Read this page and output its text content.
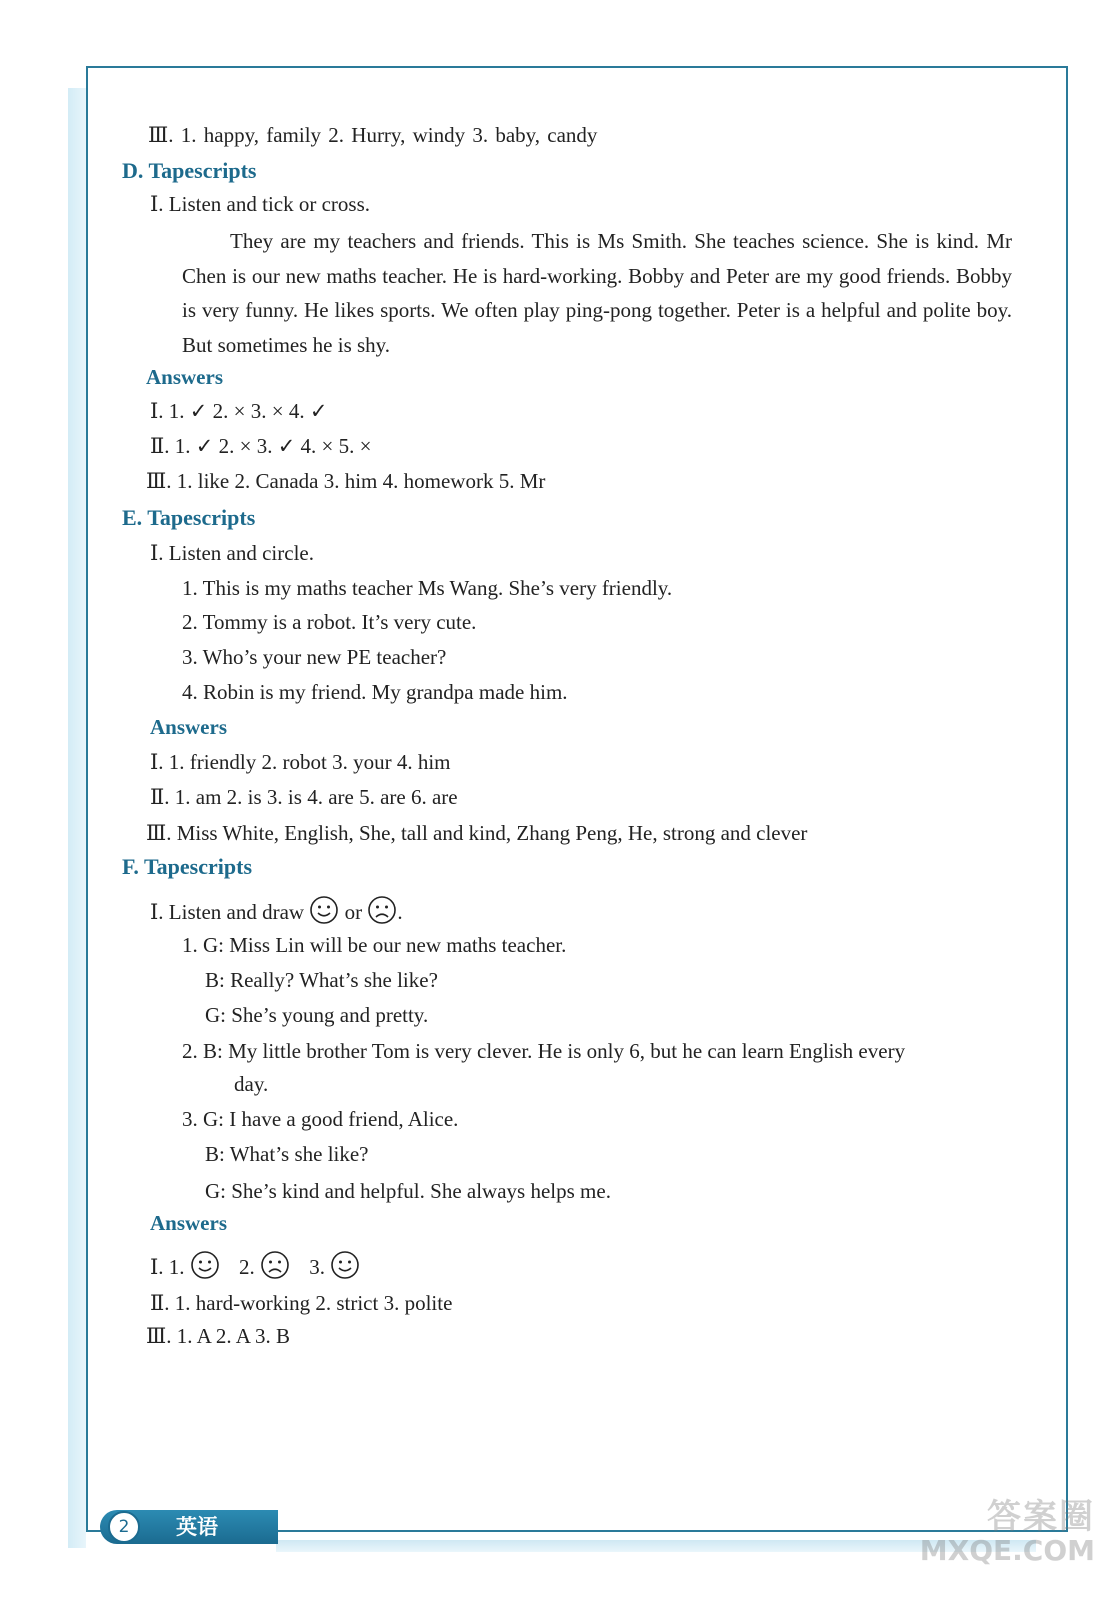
Ⅲ. 1. happy, family 2. Hurry, windy 3. baby, candy
D. Tapescripts
Ⅰ. Listen and tick or cross.
They are my teachers and friends. This is Ms Smith. She teaches science. She is kind. Mr Chen is our new maths teacher. He is hard-working. Bobby and Peter are my good friends. Bobby is very funny. He likes sports. We often play ping-pong together. Peter is a helpful and polite boy. But sometimes he is shy.
Answers
Ⅰ. 1. ✓ 2. × 3. × 4. ✓
Ⅱ. 1. ✓ 2. × 3. ✓ 4. × 5. ×
Ⅲ. 1. like 2. Canada 3. him 4. homework 5. Mr
E. Tapescripts
Ⅰ. Listen and circle.
1. This is my maths teacher Ms Wang. She’s very friendly.
2. Tommy is a robot. It’s very cute.
3. Who’s your new PE teacher?
4. Robin is my friend. My grandpa made him.
Answers
Ⅰ. 1. friendly 2. robot 3. your 4. him
Ⅱ. 1. am 2. is 3. is 4. are 5. are 6. are
Ⅲ. Miss White, English, She, tall and kind, Zhang Peng, He, strong and clever
F. Tapescripts
Ⅰ. Listen and draw or .
1. G: Miss Lin will be our new maths teacher.
B: Really? What’s she like?
G: She’s young and pretty.
2. B: My little brother Tom is very clever. He is only 6, but he can learn English every
day.
3. G: I have a good friend, Alice.
B: What’s she like?
G: She’s kind and helpful. She always helps me.
Answers
Ⅰ. 1.	2.	3.
Ⅱ. 1. hard-working 2. strict 3. polite
Ⅲ. 1. A 2. A 3. B
2	英语	答案圈
MXQE.COM
